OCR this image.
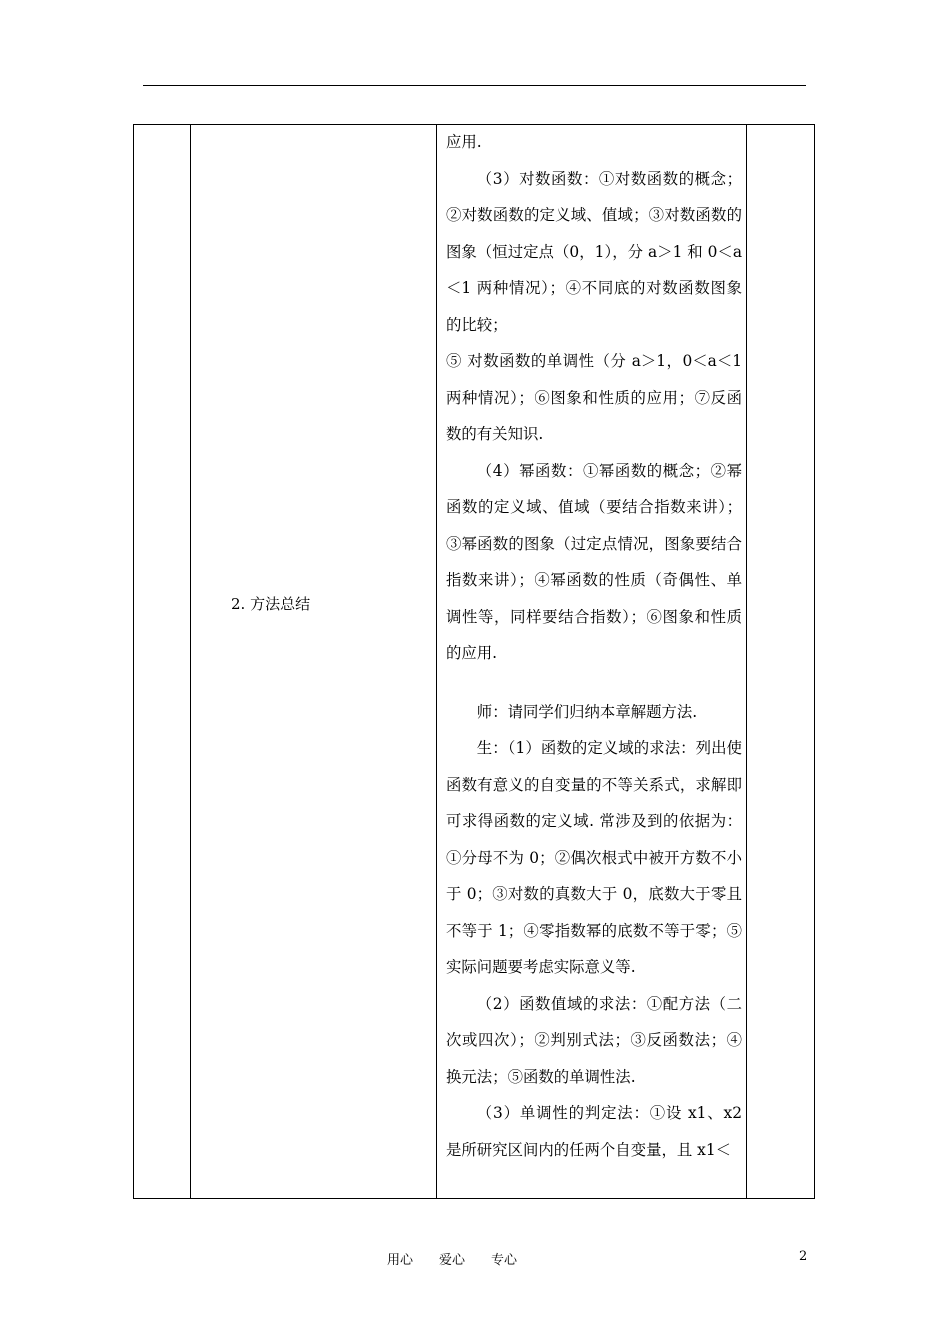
2. 方法总结

应用.

（3）对数函数：①对数函数的概念；②对数函数的定义域、值域；③对数函数的图象（恒过定点（0，1），分 a＞1 和 0＜a＜1 两种情况）；④不同底的对数函数图象的比较；

⑤ 对数函数的单调性（分 a＞1，0＜a＜1 两种情况）；⑥图象和性质的应用；⑦反函数的有关知识.

（4）幂函数：①幂函数的概念；②幂函数的定义域、值域（要结合指数来讲）；③幂函数的图象（过定点情况，图象要结合指数来讲）；④幂函数的性质（奇偶性、单调性等，同样要结合指数）；⑥图象和性质的应用.

师：请同学们归纳本章解题方法.

生：（1）函数的定义域的求法：列出使函数有意义的自变量的不等关系式，求解即可求得函数的定义域. 常涉及到的依据为：①分母不为 0；②偶次根式中被开方数不小于 0；③对数的真数大于 0，底数大于零且不等于 1；④零指数幂的底数不等于零；⑤实际问题要考虑实际意义等.

（2）函数值域的求法：①配方法（二次或四次）；②判别式法；③反函数法；④换元法；⑤函数的单调性法.

（3）单调性的判定法：①设 x1、x2 是所研究区间内的任两个自变量，且 x1＜

用心　　爱心　　专心	2
